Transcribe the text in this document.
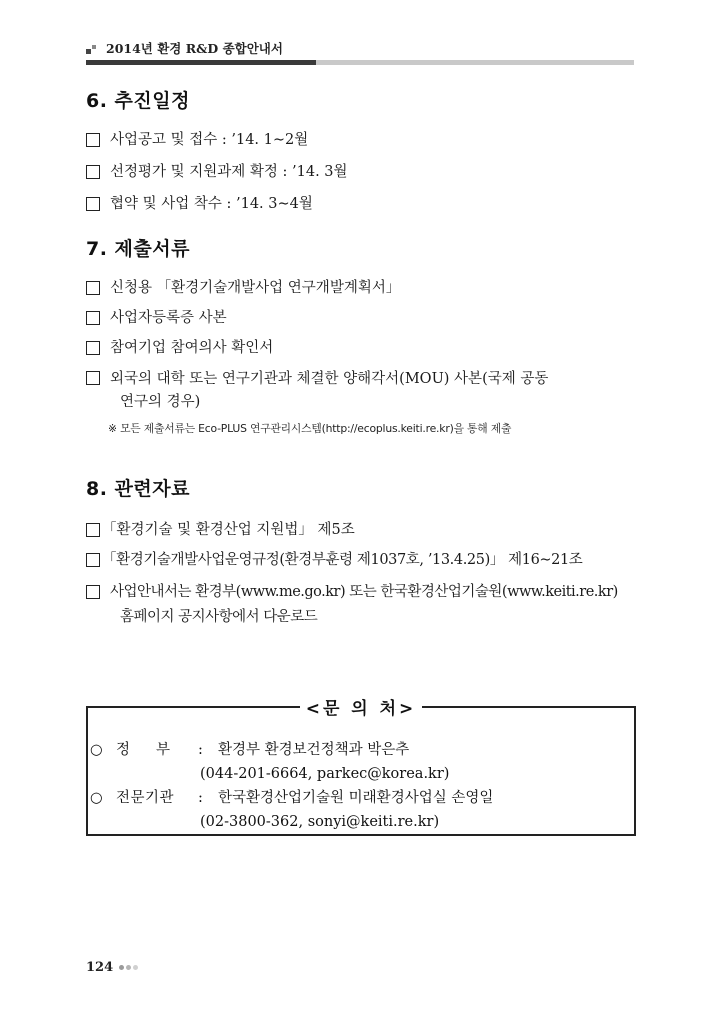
2014년 환경 R&D 종합안내서
6. 추진일정
사업공고 및 접수 : ’14. 1∼2월
선정평가 및 지원과제 확정 : ’14. 3월
협약 및 사업 착수 : ’14. 3∼4월
7. 제출서류
신청용 「환경기술개발사업 연구개발계획서」
사업자등록증 사본
참여기업 참여의사 확인서
외국의 대학 또는 연구기관과 체결한 양해각서(MOU) 사본(국제 공동
연구의 경우)
※ 모든 제출서류는 Eco-PLUS 연구관리시스템(http://ecoplus.keiti.re.kr)을 통해 제출
8. 관련자료
「환경기술 및 환경산업 지원법」 제5조
「환경기술개발사업운영규정(환경부훈령 제1037호, ’13.4.25)」 제16∼21조
사업안내서는 환경부(www.me.go.kr) 또는 한국환경산업기술원(www.keiti.re.kr)
홈페이지 공지사항에서 다운로드
<문 의 처>
○ 정     부	:	환경부 환경보건정책과 박은추
(044-201-6664, parkec@korea.kr)
○ 전문기관	:	한국환경산업기술원 미래환경사업실 손영일
(02-3800-362, sonyi@keiti.re.kr)
124
